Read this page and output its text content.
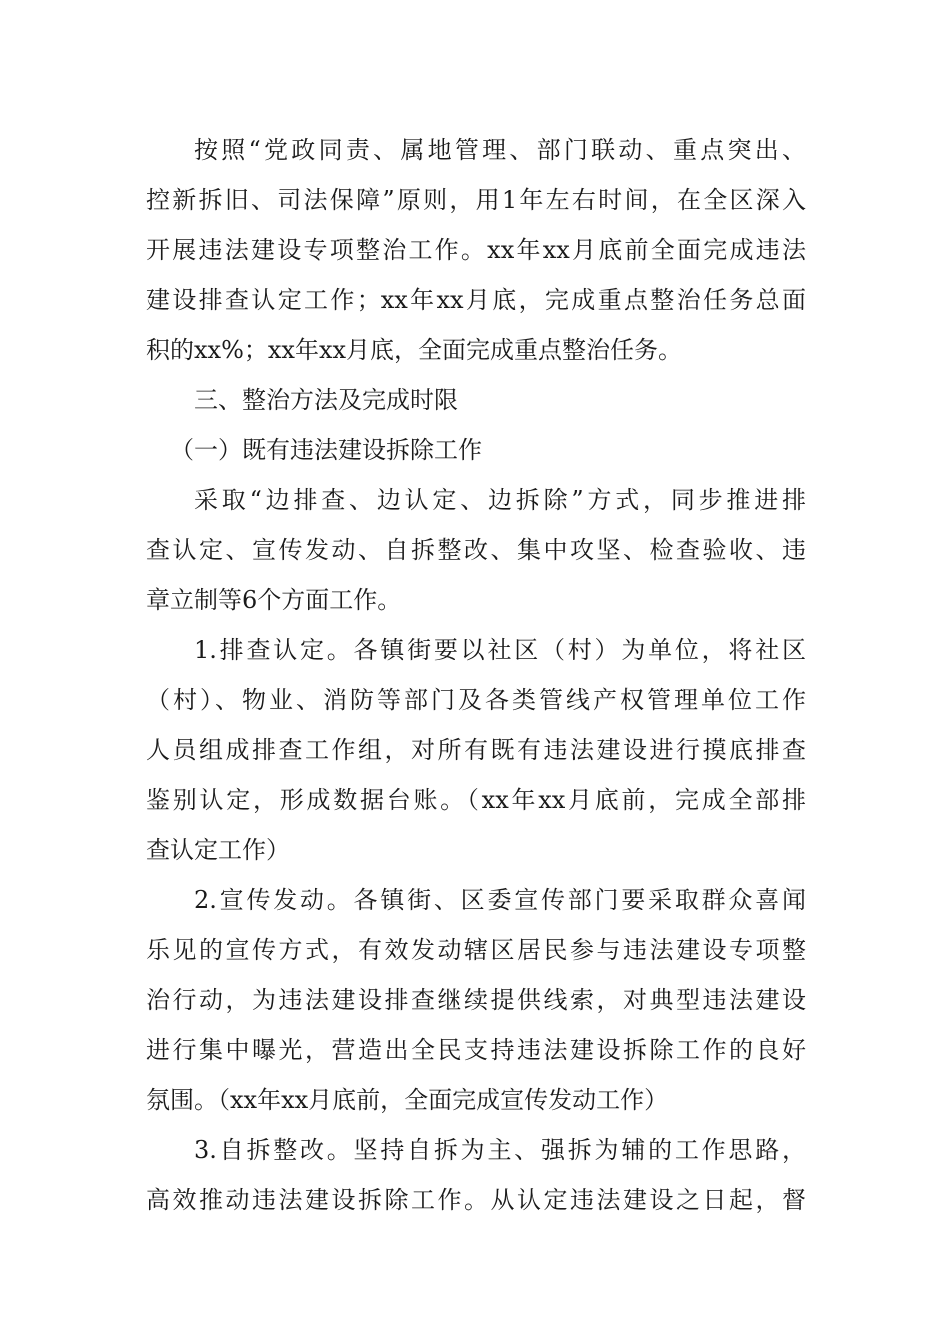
按照“党政同责、属地管理、部门联动、重点突出、
控新拆旧、司法保障”原则，用1年左右时间，在全区深入
开展违法建设专项整治工作。xx年xx月底前全面完成违法
建设排查认定工作；xx年xx月底，完成重点整治任务总面
积的xx%；xx年xx月底，全面完成重点整治任务。
三、整治方法及完成时限
（一）既有违法建设拆除工作
采取“边排查、边认定、边拆除”方式，同步推进排
查认定、宣传发动、自拆整改、集中攻坚、检查验收、违
章立制等6个方面工作。
1.排查认定。各镇街要以社区（村）为单位，将社区
（村）、物业、消防等部门及各类管线产权管理单位工作
人员组成排查工作组，对所有既有违法建设进行摸底排查
鉴别认定，形成数据台账。（xx年xx月底前，完成全部排
查认定工作）
2.宣传发动。各镇街、区委宣传部门要采取群众喜闻
乐见的宣传方式，有效发动辖区居民参与违法建设专项整
治行动，为违法建设排查继续提供线索，对典型违法建设
进行集中曝光，营造出全民支持违法建设拆除工作的良好
氛围。（xx年xx月底前，全面完成宣传发动工作）
3.自拆整改。坚持自拆为主、强拆为辅的工作思路，
高效推动违法建设拆除工作。从认定违法建设之日起，督
